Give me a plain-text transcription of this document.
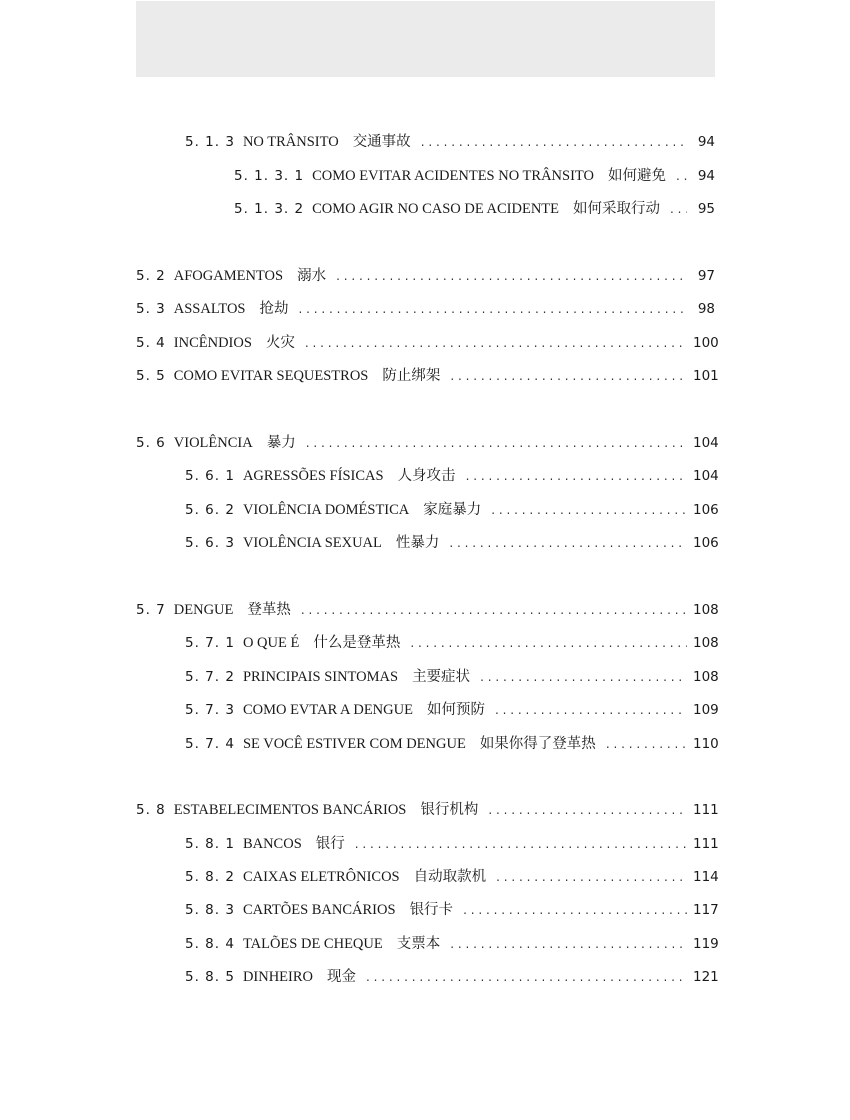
5. 1. 3 NO TRÂNSITO 交通事故 . . .	94
5. 1. 3. 1 COMO EVITAR ACIDENTES NO TRÂNSITO 如何避免 . . .	94
5. 1. 3. 2 COMO AGIR NO CASO DE ACIDENTE 如何采取行动 . . .	95
5. 2 AFOGAMENTOS 溺水 . . .	97
5. 3 ASSALTOS 抢劫 . . .	98
5. 4 INCÊNDIOS 火灾 . . .	100
5. 5 COMO EVITAR SEQUESTROS 防止绑架 . . .	101
5. 6 VIOLÊNCIA 暴力 . . .	104
5. 6. 1 AGRESSÕES FÍSICAS 人身攻击 . . .	104
5. 6. 2 VIOLÊNCIA DOMÉSTICA 家庭暴力 . . .	106
5. 6. 3 VIOLÊNCIA SEXUAL 性暴力 . . .	106
5. 7 DENGUE 登革热 . . .	108
5. 7. 1 O QUE É 什么是登革热 . . .	108
5. 7. 2 PRINCIPAIS SINTOMAS 主要症状 . . .	108
5. 7. 3 COMO EVTAR A DENGUE 如何预防 . . .	109
5. 7. 4 SE VOCÊ ESTIVER COM DENGUE 如果你得了登革热 . . .	110
5. 8 ESTABELECIMENTOS BANCÁRIOS 银行机构 . . .	111
5. 8. 1 BANCOS 银行 . . .	111
5. 8. 2 CAIXAS ELETRÔNICOS 自动取款机 . . .	114
5. 8. 3 CARTÕES BANCÁRIOS 银行卡 . . .	117
5. 8. 4 TALÕES DE CHEQUE 支票本 . . .	119
5. 8. 5 DINHEIRO 现金 . . .	121
